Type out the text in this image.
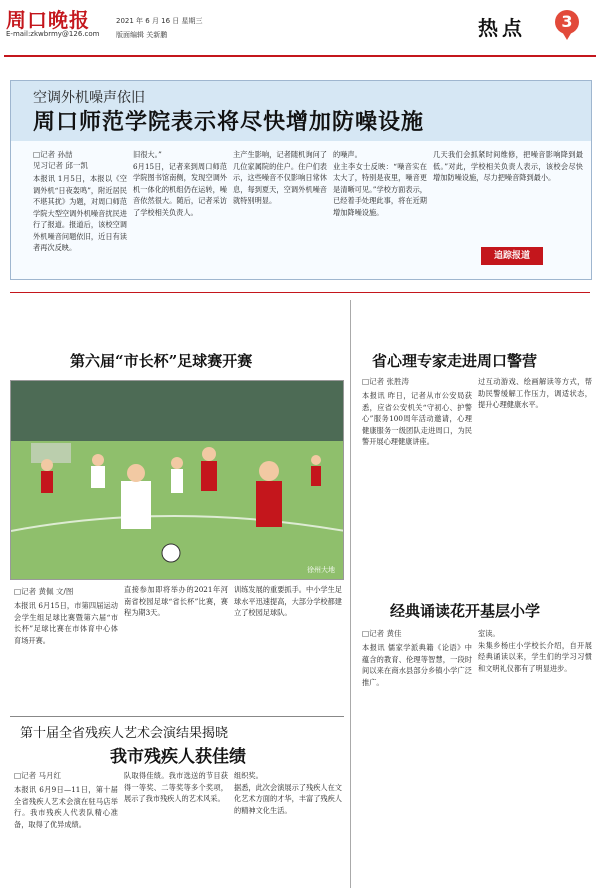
周口晚报
E-mail:zkwbrmy@126.com
2021 年 6 月 16 日 星期三
版面编辑 关新鹏	热点	3
空调外机噪声依旧
周口师范学院表示将尽快增加防噪设施
□记者 孙喆
见习记者 邱一凯
本报讯 1月5日，本报以《空调外机“日夜轰鸣”，附近居民不堪其扰》为题，对周口师范学院大型空调外机噪音扰民进行了报道。报道后，该校空调外机噪音问题依旧，近日有读者再次反映。
旧很大。”
6月15日，记者来到周口师范学院图书馆南侧，发现空调外机一体化的机组仍在运转，噪音依然很大。随后，记者采访了学校相关负责人。
主产生影响，记者随机询问了几位家属院的住户。住户们表示，这些噪音不仅影响日常休息，每到夏天，空调外机噪音就特别明显。
的噪声。
业主李女士反映：“噪音实在太大了，特别是夜里，噪音更是清晰可见。”学校方面表示，已经着手处理此事，将在近期增加降噪设施。
几天我们会抓紧时间维修，把噪音影响降到最低。”对此，学校相关负责人表示，该校会尽快增加防噪设施，尽力把噪音降到最小。
追踪报道
第六届“市长杯”足球赛开赛
徐州大地
□记者 黄佩 文/图
本报讯 6月15日，市第四届运动会学生组足球比赛暨第六届“市长杯”足球比赛在市体育中心体育场开赛。
直接参加即将举办的2021年河南省校园足球“省长杯”比赛，赛程为期3天。
训练发展的重要抓手。中小学生足球水平迅速提高，大部分学校都建立了校园足球队。
第十届全省残疾人艺术会演结果揭晓
我市残疾人获佳绩
□记者 马月红
本报讯 6月9日—11日，第十届全省残疾人艺术会演在驻马店举行。我市残疾人代表队精心准备，取得了优异成绩。
队取得佳绩。我市选送的节目获得一等奖、二等奖等多个奖项，展示了我市残疾人的艺术风采。
组织奖。
据悉，此次会演展示了残疾人在文化艺术方面的才华，丰富了残疾人的精神文化生活。
省心理专家走进周口警营
□记者 张胜涛
本报讯 昨日，记者从市公安局获悉，应省公安机关“守初心、护警心”服务100周年活动邀请，心理健康服务一级团队走进周口，为民警开展心理健康讲座。
过互动游戏、绘画解读等方式，帮助民警缓解工作压力，调适状态，提升心理健康水平。
经典诵读花开基层小学
□记者 黄佳
本报讯 儒家学派典籍《论语》中蕴含的教育、伦理等智慧，一段时间以来在商水县部分乡镇小学广泛推广。
室读。
朱集乡杨庄小学校长介绍，自开展经典诵读以来，学生们的学习习惯和文明礼仪都有了明显进步。
